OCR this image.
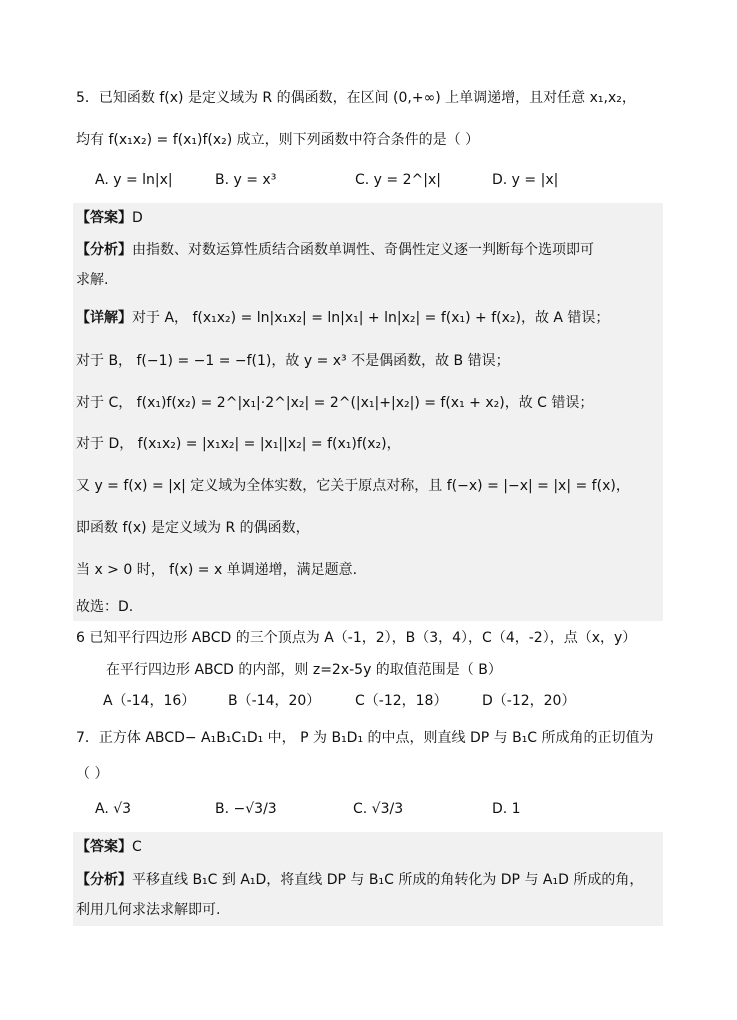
5．已知函数 f(x) 是定义域为 R 的偶函数，在区间 (0,+∞) 上单调递增，且对任意 x₁,x₂，
均有 f(x₁x₂) = f(x₁)f(x₂) 成立，则下列函数中符合条件的是（ ）
A. y = ln|x|	B. y = x³	C. y = 2^|x|	D. y = |x|
【答案】D
【分析】由指数、对数运算性质结合函数单调性、奇偶性定义逐一判断每个选项即可
求解.
【详解】对于 A， f(x₁x₂) = ln|x₁x₂| = ln|x₁| + ln|x₂| = f(x₁) + f(x₂)，故 A 错误；
对于 B， f(−1) = −1 = −f(1)，故 y = x³ 不是偶函数，故 B 错误；
对于 C， f(x₁)f(x₂) = 2^|x₁|·2^|x₂| = 2^(|x₁|+|x₂|) = f(x₁ + x₂)，故 C 错误；
对于 D， f(x₁x₂) = |x₁x₂| = |x₁||x₂| = f(x₁)f(x₂)，
又 y = f(x) = |x| 定义域为全体实数，它关于原点对称，且 f(−x) = |−x| = |x| = f(x)，
即函数 f(x) 是定义域为 R 的偶函数，
当 x > 0 时， f(x) = x 单调递增，满足题意.
故选：D.
6 已知平行四边形 ABCD 的三个顶点为 A（-1，2），B（3，4），C（4，-2），点（x，y）
在平行四边形 ABCD 的内部，则 z=2x-5y 的取值范围是（ B）
A（-14，16） B（-14，20） C（-12，18） D（-12，20）
7．正方体 ABCD− A₁B₁C₁D₁ 中， P 为 B₁D₁ 的中点，则直线 DP 与 B₁C 所成角的正切值为
（ ）
A. √3	B. −√3/3	C. √3/3	D. 1
【答案】C
【分析】平移直线 B₁C 到 A₁D，将直线 DP 与 B₁C 所成的角转化为 DP 与 A₁D 所成的角，
利用几何求法求解即可.
